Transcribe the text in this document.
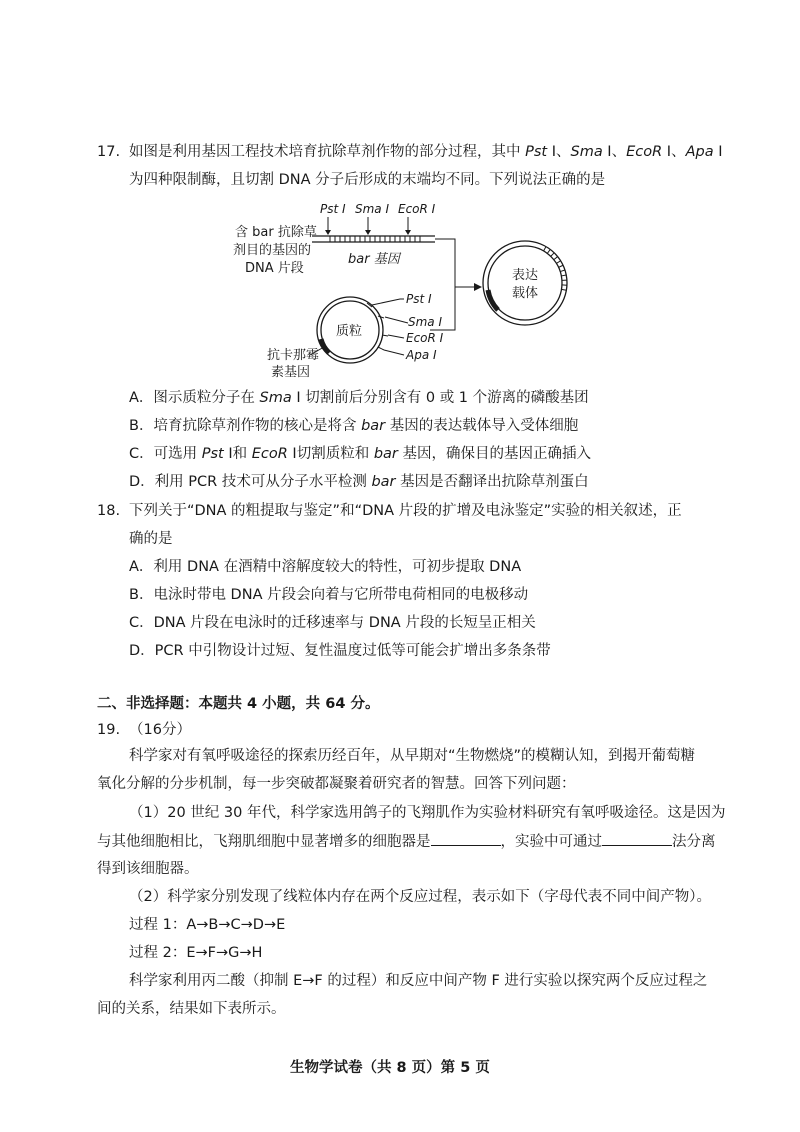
17. 如图是利用基因工程技术培育抗除草剂作物的部分过程，其中 Pst Ⅰ、Sma Ⅰ、EcoR Ⅰ、Apa Ⅰ
为四种限制酶，且切割 DNA 分子后形成的末端均不同。下列说法正确的是
含 bar 抗除草
剂目的基因的
DNA 片段
Pst Ⅰ Sma Ⅰ EcoR Ⅰ
bar 基因
质粒
Pst Ⅰ
Sma Ⅰ
EcoR Ⅰ
Apa Ⅰ
抗卡那霉
素基因
表达
载体
A．图示质粒分子在 Sma Ⅰ 切割前后分别含有 0 或 1 个游离的磷酸基团
B．培育抗除草剂作物的核心是将含 bar 基因的表达载体导入受体细胞
C．可选用 Pst Ⅰ和 EcoR Ⅰ切割质粒和 bar 基因，确保目的基因正确插入
D．利用 PCR 技术可从分子水平检测 bar 基因是否翻译出抗除草剂蛋白
18. 下列关于“DNA 的粗提取与鉴定”和“DNA 片段的扩增及电泳鉴定”实验的相关叙述，正
确的是
A．利用 DNA 在酒精中溶解度较大的特性，可初步提取 DNA
B．电泳时带电 DNA 片段会向着与它所带电荷相同的电极移动
C．DNA 片段在电泳时的迁移速率与 DNA 片段的长短呈正相关
D．PCR 中引物设计过短、复性温度过低等可能会扩增出多条条带
二、非选择题：本题共 4 小题，共 64 分。
19. （16分）
科学家对有氧呼吸途径的探索历经百年，从早期对“生物燃烧”的模糊认知，到揭开葡萄糖
氧化分解的分步机制，每一步突破都凝聚着研究者的智慧。回答下列问题：
（1）20 世纪 30 年代，科学家选用鸽子的飞翔肌作为实验材料研究有氧呼吸途径。这是因为
与其他细胞相比，飞翔肌细胞中显著增多的细胞器是	，实验中可通过	法分离
得到该细胞器。
（2）科学家分别发现了线粒体内存在两个反应过程，表示如下（字母代表不同中间产物）。
过程 1：A→B→C→D→E
过程 2：E→F→G→H
科学家利用丙二酸（抑制 E→F 的过程）和反应中间产物 F 进行实验以探究两个反应过程之
间的关系，结果如下表所示。
生物学试卷（共 8 页）第 5 页
